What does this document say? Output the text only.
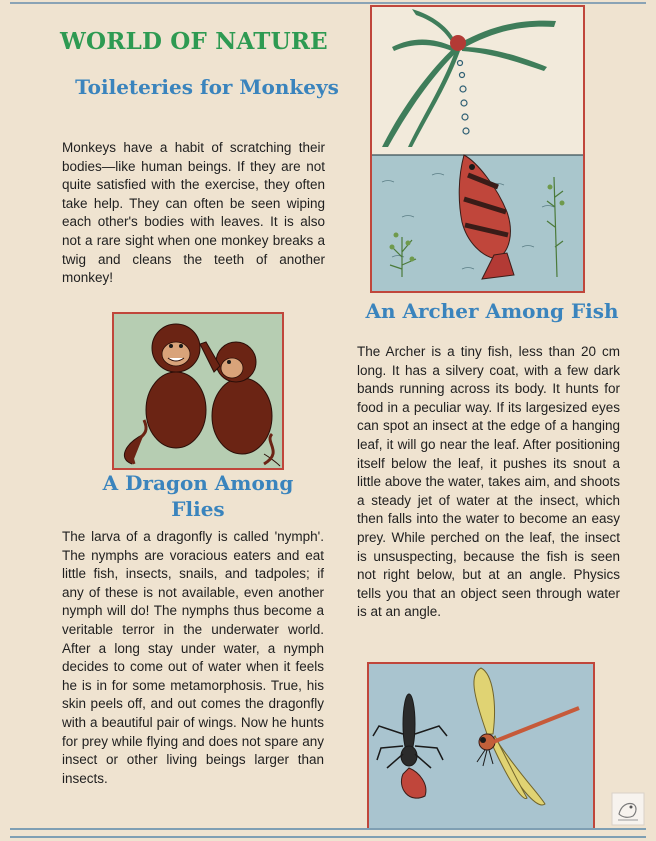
WORLD OF NATURE
Toileteries for Monkeys

Monkeys have a habit of scratching their bodies—like human beings. If they are not quite satisfied with the exercise, they often take help. They can often be seen wiping each other's bodies with leaves. It is also not a rare sight when one monkey breaks a twig and cleans the teeth of another monkey!

An Archer Among Fish

The Archer is a tiny fish, less than 20 cm long. It has a silvery coat, with a few dark bands running across its body. It hunts for food in a peculiar way. If its largesized eyes can spot an insect at the edge of a hanging leaf, it will go near the leaf. After positioning itself below the leaf, it pushes its snout a little above the water, takes aim, and shoots a steady jet of water at the insect, which then falls into the water to become an easy prey. While perched on the leaf, the insect is unsuspecting, because the fish is seen not right below, but at an angle. Physics tells you that an object seen through water is at an angle.

A Dragon Among Flies

The larva of a dragonfly is called 'nymph'. The nymphs are voracious eaters and eat little fish, insects, snails, and tadpoles; if any of these is not available, even another nymph will do! The nymphs thus become a veritable terror in the underwater world. After a long stay under water, a nymph decides to come out of water when it feels he is in for some metamorphosis. True, his skin peels off, and out comes the dragonfly with a beautiful pair of wings. Now he hunts for prey while flying and does not spare any insect or other living beings larger than insects.
